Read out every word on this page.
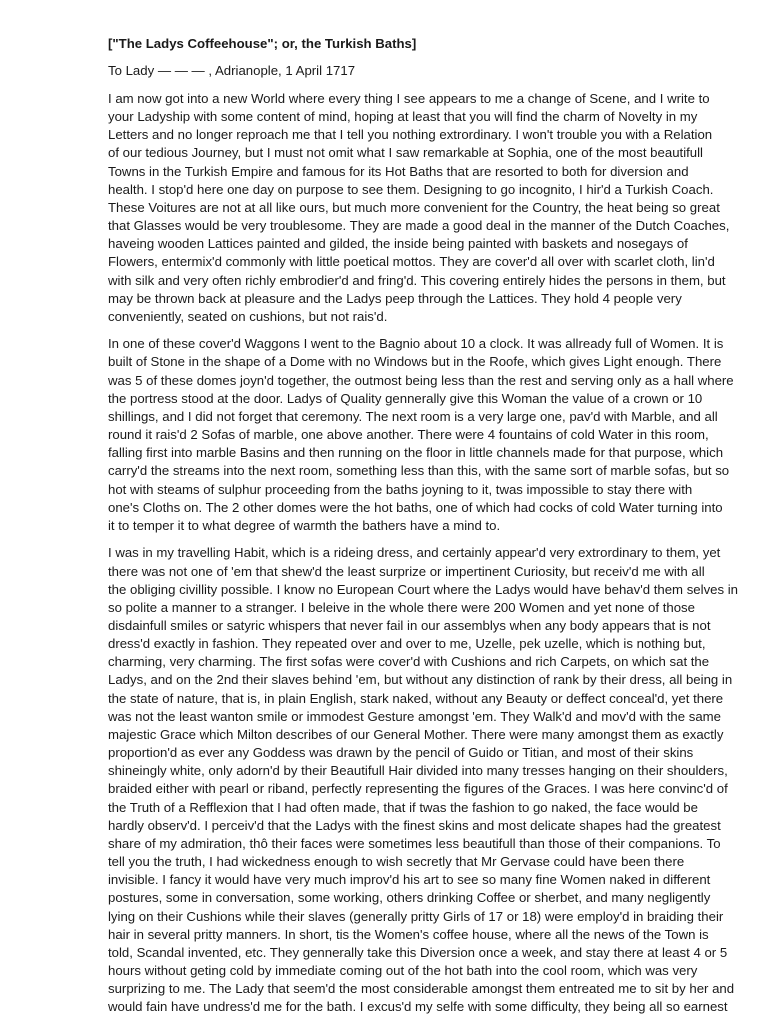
["The Ladys Coffeehouse"; or, the Turkish Baths]
To Lady — — — , Adrianople, 1 April 1717
I am now got into a new World where every thing I see appears to me a change of Scene, and I write to
your Ladyship with some content of mind, hoping at least that you will find the charm of Novelty in my
Letters and no longer reproach me that I tell you nothing extrordinary. I won't trouble you with a Relation
of our tedious Journey, but I must not omit what I saw remarkable at Sophia, one of the most beautifull
Towns in the Turkish Empire and famous for its Hot Baths that are resorted to both for diversion and
health. I stop'd here one day on purpose to see them. Designing to go incognito, I hir'd a Turkish Coach.
These Voitures are not at all like ours, but much more convenient for the Country, the heat being so great
that Glasses would be very troublesome. They are made a good deal in the manner of the Dutch Coaches,
haveing wooden Lattices painted and gilded, the inside being painted with baskets and nosegays of
Flowers, entermix'd commonly with little poetical mottos. They are cover'd all over with scarlet cloth, lin'd
with silk and very often richly embrodier'd and fring'd. This covering entirely hides the persons in them, but
may be thrown back at pleasure and the Ladys peep through the Lattices. They hold 4 people very
conveniently, seated on cushions, but not rais'd.
In one of these cover'd Waggons I went to the Bagnio about 10 a clock. It was allready full of Women. It is
built of Stone in the shape of a Dome with no Windows but in the Roofe, which gives Light enough. There
was 5 of these domes joyn'd together, the outmost being less than the rest and serving only as a hall where
the portress stood at the door. Ladys of Quality gennerally give this Woman the value of a crown or 10
shillings, and I did not forget that ceremony. The next room is a very large one, pav'd with Marble, and all
round it rais'd 2 Sofas of marble, one above another. There were 4 fountains of cold Water in this room,
falling first into marble Basins and then running on the floor in little channels made for that purpose, which
carry'd the streams into the next room, something less than this, with the same sort of marble sofas, but so
hot with steams of sulphur proceeding from the baths joyning to it, twas impossible to stay there with
one's Cloths on. The 2 other domes were the hot baths, one of which had cocks of cold Water turning into
it to temper it to what degree of warmth the bathers have a mind to.
I was in my travelling Habit, which is a rideing dress, and certainly appear'd very extrordinary to them, yet
there was not one of 'em that shew'd the least surprize or impertinent Curiosity, but receiv'd me with all
the obliging civillity possible. I know no European Court where the Ladys would have behav'd them selves in
so polite a manner to a stranger. I beleive in the whole there were 200 Women and yet none of those
disdainfull smiles or satyric whispers that never fail in our assemblys when any body appears that is not
dress'd exactly in fashion. They repeated over and over to me, Uzelle, pek uzelle, which is nothing but,
charming, very charming. The first sofas were cover'd with Cushions and rich Carpets, on which sat the
Ladys, and on the 2nd their slaves behind 'em, but without any distinction of rank by their dress, all being in
the state of nature, that is, in plain English, stark naked, without any Beauty or deffect conceal'd, yet there
was not the least wanton smile or immodest Gesture amongst 'em. They Walk'd and mov'd with the same
majestic Grace which Milton describes of our General Mother. There were many amongst them as exactly
proportion'd as ever any Goddess was drawn by the pencil of Guido or Titian, and most of their skins
shineingly white, only adorn'd by their Beautifull Hair divided into many tresses hanging on their shoulders,
braided either with pearl or riband, perfectly representing the figures of the Graces. I was here convinc'd of
the Truth of a Refflexion that I had often made, that if twas the fashion to go naked, the face would be
hardly observ'd. I perceiv'd that the Ladys with the finest skins and most delicate shapes had the greatest
share of my admiration, thô their faces were sometimes less beautifull than those of their companions. To
tell you the truth, I had wickedness enough to wish secretly that Mr Gervase could have been there
invisible. I fancy it would have very much improv'd his art to see so many fine Women naked in different
postures, some in conversation, some working, others drinking Coffee or sherbet, and many negligently
lying on their Cushions while their slaves (generally pritty Girls of 17 or 18) were employ'd in braiding their
hair in several pritty manners. In short, tis the Women's coffee house, where all the news of the Town is
told, Scandal invented, etc. They gennerally take this Diversion once a week, and stay there at least 4 or 5
hours without geting cold by immediate coming out of the hot bath into the cool room, which was very
surprizing to me. The Lady that seem'd the most considerable amongst them entreated me to sit by her and
would fain have undress'd me for the bath. I excus'd my selfe with some difficulty, they being all so earnest
